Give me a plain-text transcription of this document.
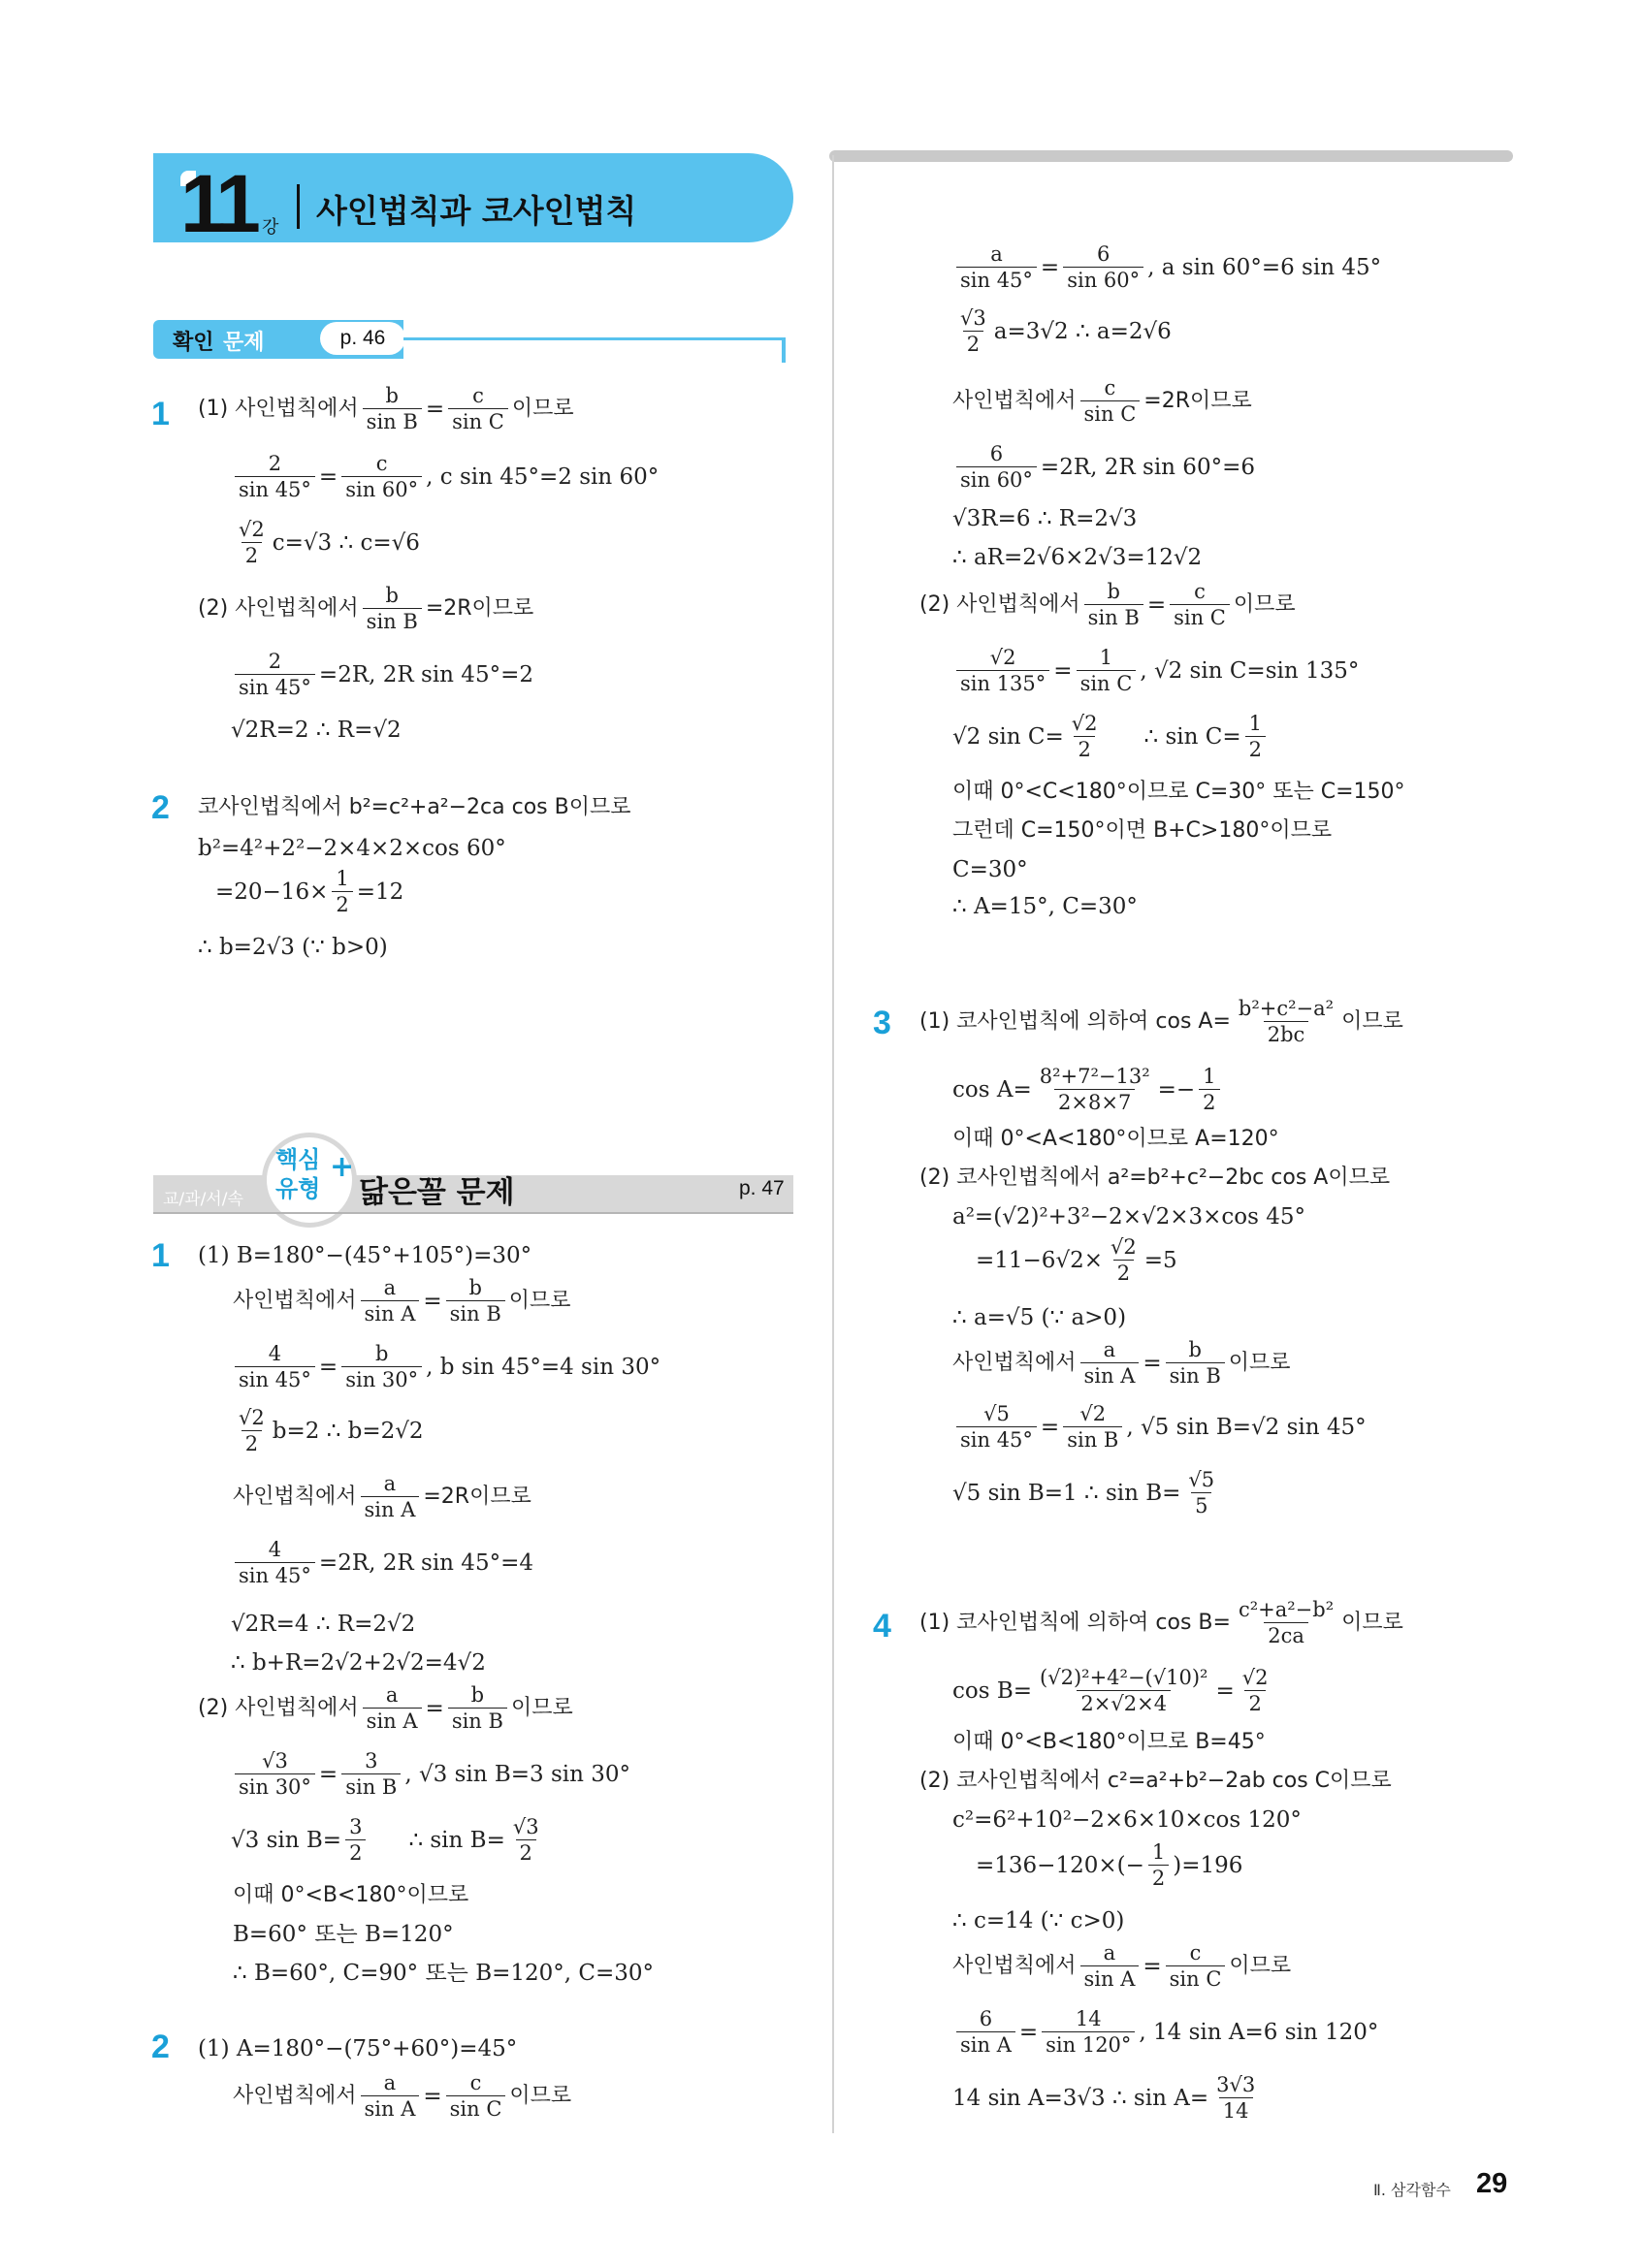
11 강 사인법칙과 코사인법칙
확인 문제	p. 46
1 (1) 사인법칙에서 $\frac{b}{\text{sin B}} = \frac{c}{\text{sin C}}$ 이므로
$\frac{2}{\sin 45^\circ} = \frac{c}{\sin 60^\circ}$ , c sin 45°=2 sin 60°
$\frac{√2}{2} c=√3$ ∴ c=√6
(2) 사인법칙에서 $\frac{b}{\text{sin B}} =2R$이므로
$\frac{2}{\sin 45^\circ} =2R$, 2R sin 45°=2
√2R=2 ∴ R=√2
2 코사인법칙에서 b²=c²+a²−2ca cos B이므로
b²=4²+2²−2×4×2×cos 60°
$=20-16\times \frac{1}{2} =12$
∴ b=2√3 (∵ b>0)
교/과/서/속
핵심
유형
+
닮은꼴 문제	p. 47
1 (1) B=180°−(45°+105°)=30°
사인법칙에서 $\frac{a}{\text{sin A}} = \frac{b}{\text{sin B}}$ 이므로
$\frac{4}{\sin 45^\circ} = \frac{b}{\sin 30^\circ}$ , b sin 45°=4 sin 30°
$\frac{√2}{2} b=2$ ∴ b=2√2
사인법칙에서 $\frac{a}{\text{sin A}} =2R$이므로
$\frac{4}{\sin 45^\circ} =2R$, 2R sin 45°=4
√2R=4 ∴ R=2√2
∴ b+R=2√2+2√2=4√2
(2) 사인법칙에서 $\frac{a}{\text{sin A}} = \frac{b}{\text{sin B}}$ 이므로
$\frac{√3}{\sin 30^\circ} = \frac{3}{\text{sin B}}$ , √3 sin B=3 sin 30°
√3 $\sin B= \frac{3}{2}$ ∴ $\sin B= \frac{√3}{2}$
이때 0°<B<180°이므로
B=60° 또는 B=120°
∴ B=60°, C=90° 또는 B=120°, C=30°
2 (1) A=180°−(75°+60°)=45°
사인법칙에서 $\frac{a}{\text{sin A}} = \frac{c}{\text{sin C}}$ 이므로
$\frac{a}{\sin 45^\circ} = \frac{6}{\sin 60^\circ}$ , a sin 60°=6 sin 45°
$\frac{√3}{2} a=3√2$ ∴ a=2√6
사인법칙에서 $\frac{c}{\text{sin C}} =2R$이므로
$\frac{6}{\sin 60^\circ} =2R$, 2R sin 60°=6
√3R=6 ∴ R=2√3
∴ aR=2√6×2√3=12√2
(2) 사인법칙에서 $\frac{b}{\text{sin B}} = \frac{c}{\text{sin C}}$ 이므로
$\frac{√2}{\sin 135^\circ} = \frac{1}{\text{sin C}}$ , √2 sin C=sin 135°
√2 $\sin C= \frac{√2}{2}$ ∴ $\sin C= \frac{1}{2}$
이때 0°<C<180°이므로 C=30° 또는 C=150°
그런데 C=150°이면 B+C>180°이므로
C=30°
∴ A=15°, C=30°
3 (1) 코사인법칙에 의하여 $\cos A= \frac{\text{b²+c²−a²}}{2bc}$ 이므로
$\cos A= \frac{\text{8²+7²−13²}}{2\times 8\times 7} =- \frac{1}{2}$
이때 0°<A<180°이므로 A=120°
(2) 코사인법칙에서 a²=b²+c²−2bc cos A이므로
a²=(√2)²+3²−2×√2×3×cos 45°
$=11-6√2\times \frac{√2}{2} =5$
∴ a=√5 (∵ a>0)
사인법칙에서 $\frac{a}{\text{sin A}} = \frac{b}{\text{sin B}}$ 이므로
$\frac{√5}{\sin 45^\circ} = \frac{√2}{\text{sin B}}$ , √5 sin B=√2 sin 45°
√5 sin B=1 ∴ $\sin B= \frac{√5}{5}$
4 (1) 코사인법칙에 의하여 $\cos B= \frac{\text{c²+a²−b²}}{2ca}$ 이므로
$\cos B= \frac{\text{(√2)²+4²−(√10)²}}{2\times√2\times 4} = \frac{√2}{2}$
이때 0°<B<180°이므로 B=45°
(2) 코사인법칙에서 c²=a²+b²−2ab cos C이므로
c²=6²+10²−2×6×10×cos 120°
$=136-120\times(- \frac{1}{2} )=196$
∴ c=14 (∵ c>0)
사인법칙에서 $\frac{a}{\text{sin A}} = \frac{c}{\text{sin C}}$ 이므로
$\frac{6}{\text{sin A}} = \frac{14}{\sin 120^\circ}$ , 14 sin A=6 sin 120°
14 sin A=3√3 ∴ $\sin A= \frac{3√3}{14}$
Ⅱ. 삼각함수 29
